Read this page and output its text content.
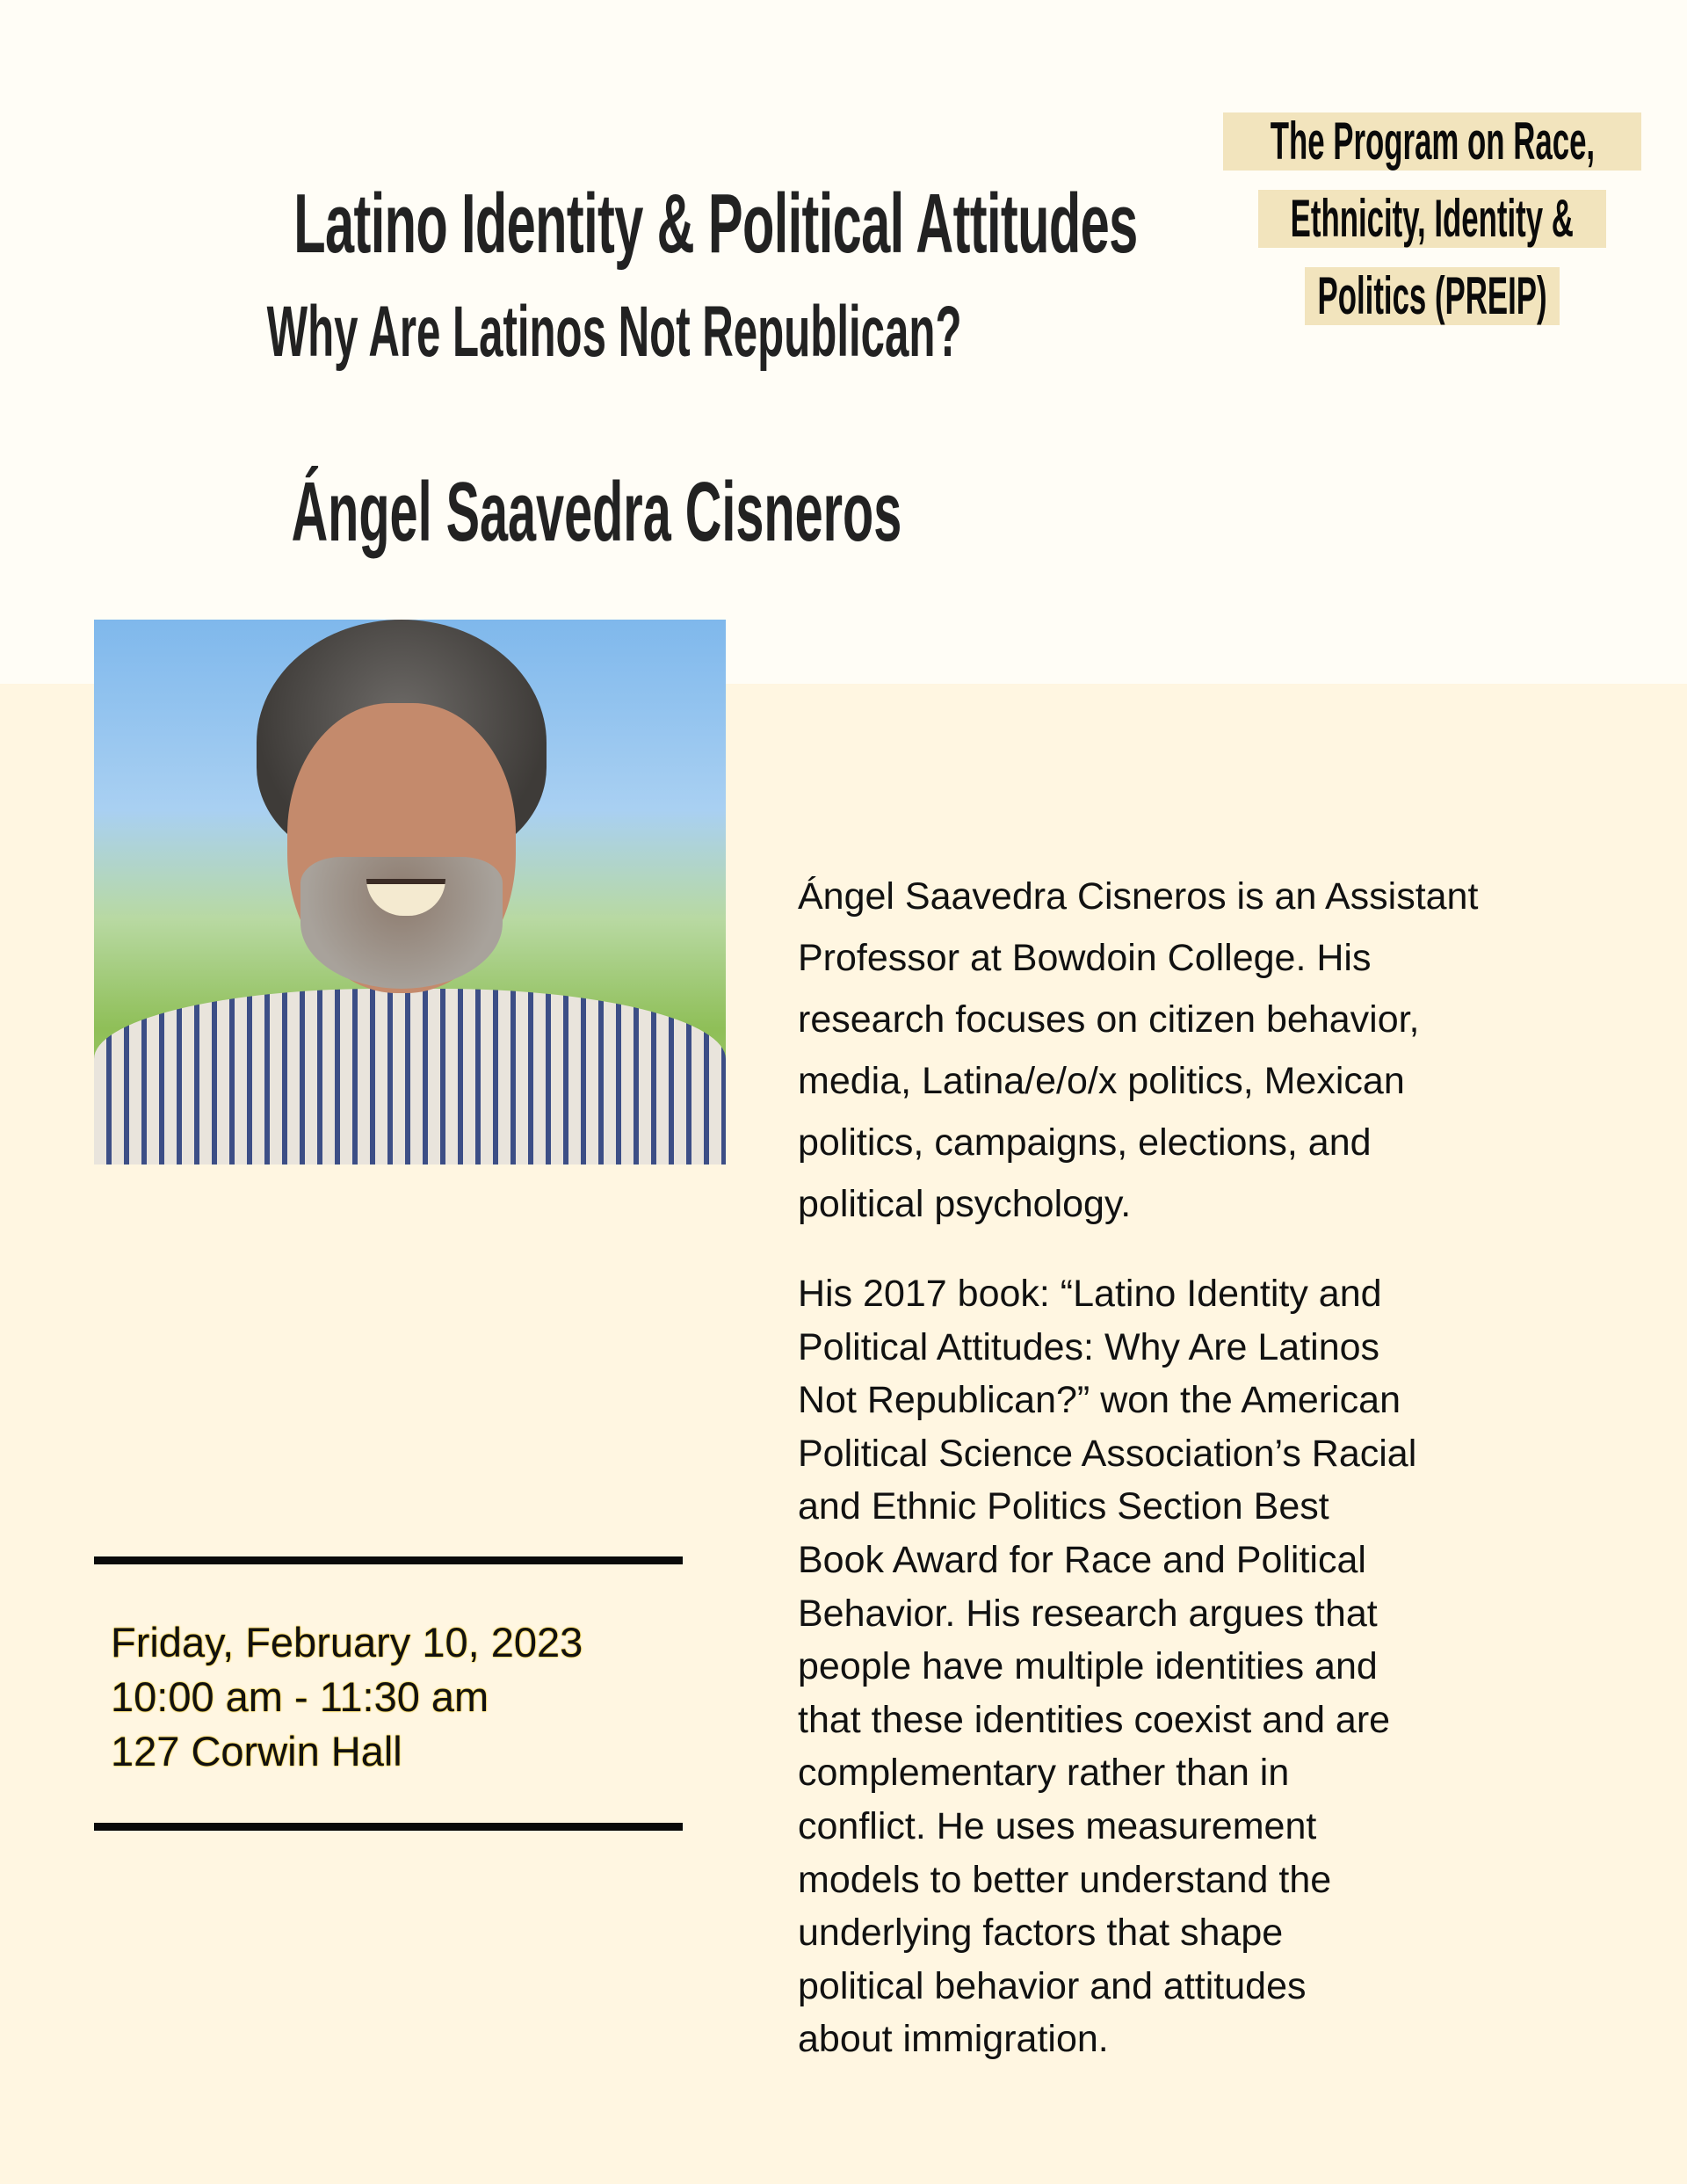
Latino Identity & Political Attitudes
Why Are Latinos Not Republican?
Ángel Saavedra Cisneros
The Program on Race,
Ethnicity, Identity &
Politics (PREIP)
Friday, February 10, 2023
10:00 am - 11:30 am
127 Corwin Hall
Ángel Saavedra Cisneros is an Assistant
Professor at Bowdoin College. His
research focuses on citizen behavior,
media, Latina/e/o/x politics, Mexican
politics, campaigns, elections, and
political psychology.
His 2017 book: “Latino Identity and
Political Attitudes: Why Are Latinos
Not Republican?” won the American
Political Science Association’s Racial
and Ethnic Politics Section Best
Book Award for Race and Political
Behavior. His research argues that
people have multiple identities and
that these identities coexist and are
complementary rather than in
conflict. He uses measurement
models to better understand the
underlying factors that shape
political behavior and attitudes
about immigration.
